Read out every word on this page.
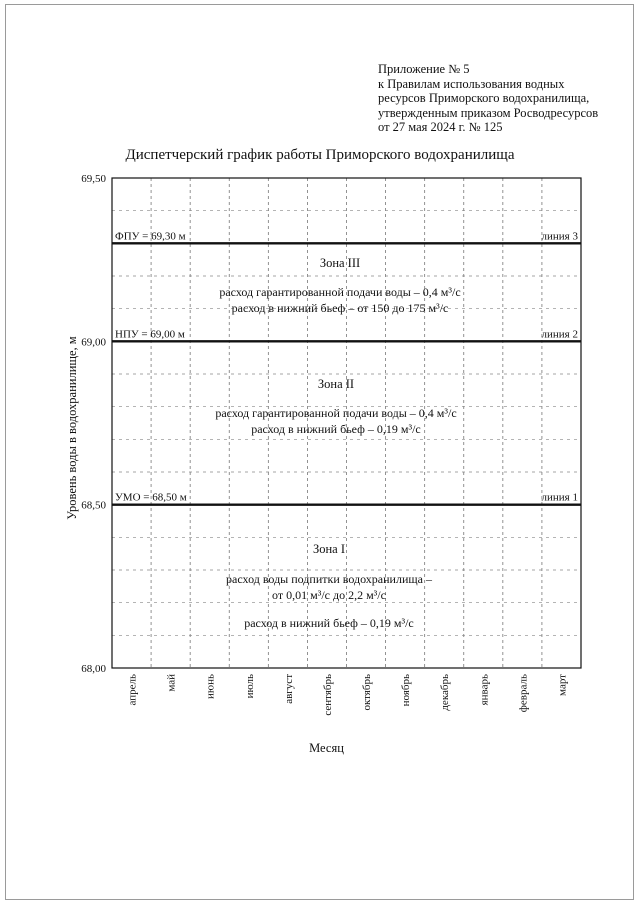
Приложение № 5
к Правилам использования водных
ресурсов Приморского водохранилища,
утвержденным приказом Росводресурсов
от 27 мая 2024 г. № 125
Диспетчерский график работы Приморского водохранилища
ФПУ = 69,30 м	линия 3
НПУ = 69,00 м	линия 2
УМО = 68,50 м	линия 1
69,50
69,00
68,50
68,00
апрель май июнь июль август сентябрь октябрь ноябрь декабрь январь февраль март
Месяц
Уровень воды в водохранилище, м
Зона III
расход гарантированной подачи воды – 0,4 м³/с
расход в нижний бьеф – от 150 до 175 м³/с
Зона II
расход гарантированной подачи воды – 0,4 м³/с
расход в нижний бьеф – 0,19 м³/с
Зона I
расход воды подпитки водохранилища –
от 0,01 м³/с до 2,2 м³/с
расход в нижний бьеф – 0,19 м³/с
